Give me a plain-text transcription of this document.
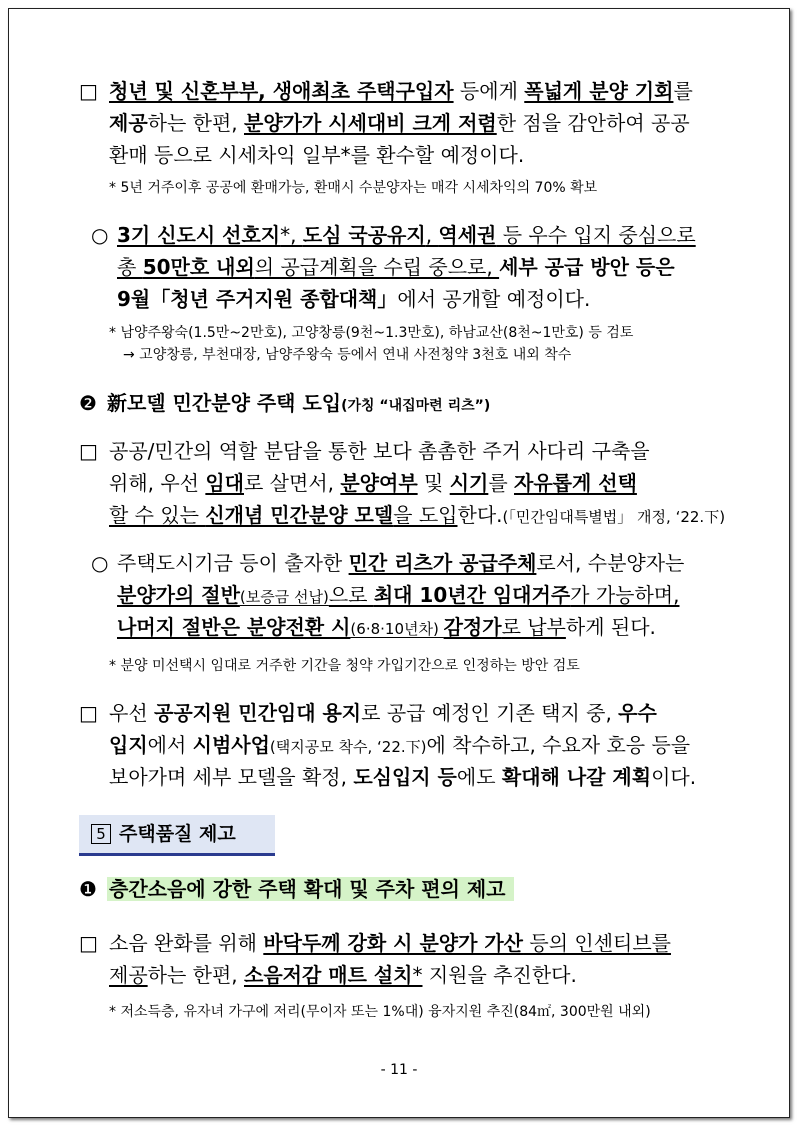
□ 청년 및 신혼부부, 생애최초 주택구입자 등에게 폭넓게 분양 기회를
제공하는 한편, 분양가가 시세대비 크게 저렴한 점을 감안하여 공공
환매 등으로 시세차익 일부*를 환수할 예정이다.
* 5년 거주이후 공공에 환매가능, 환매시 수분양자는 매각 시세차익의 70% 확보
○ 3기 신도시 선호지*, 도심 국공유지, 역세권 등 우수 입지 중심으로
총 50만호 내외의 공급계획을 수립 중으로, 세부 공급 방안 등은
9월「청년 주거지원 종합대책」에서 공개할 예정이다.
* 남양주왕숙(1.5만~2만호), 고양창릉(9천~1.3만호), 하남교산(8천~1만호) 등 검토
→ 고양창릉, 부천대장, 남양주왕숙 등에서 연내 사전청약 3천호 내외 착수
❷ 新모델 민간분양 주택 도입(가칭 “내집마련 리츠”)
□ 공공/민간의 역할 분담을 통한 보다 촘촘한 주거 사다리 구축을
위해, 우선 임대로 살면서, 분양여부 및 시기를 자유롭게 선택
할 수 있는 신개념 민간분양 모델을 도입한다.(「민간임대특별법」 개정, ‘22.下)
○ 주택도시기금 등이 출자한 민간 리츠가 공급주체로서, 수분양자는
분양가의 절반(보증금 선납)으로 최대 10년간 임대거주가 가능하며,
나머지 절반은 분양전환 시(6·8·10년차) 감정가로 납부하게 된다.
* 분양 미선택시 임대로 거주한 기간을 청약 가입기간으로 인정하는 방안 검토
□ 우선 공공지원 민간임대 용지로 공급 예정인 기존 택지 중, 우수
입지에서 시범사업(택지공모 착수, ‘22.下)에 착수하고, 수요자 호응 등을
보아가며 세부 모델을 확정, 도심입지 등에도 확대해 나갈 계획이다.
5 주택품질 제고
❶ 층간소음에 강한 주택 확대 및 주차 편의 제고
□ 소음 완화를 위해 바닥두께 강화 시 분양가 가산 등의 인센티브를
제공하는 한편, 소음저감 매트 설치* 지원을 추진한다.
* 저소득층, 유자녀 가구에 저리(무이자 또는 1%대) 융자지원 추진(84㎡, 300만원 내외)
- 11 -
